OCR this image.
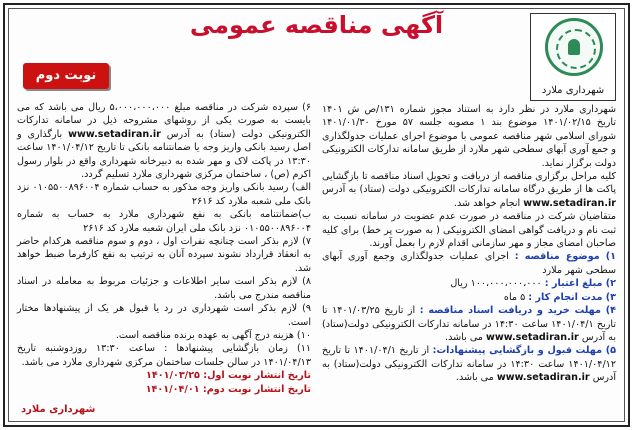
آگهی مناقصه عمومی
شهرداری ملارد
نوبت دوم

شهرداری ملارد در نظر دارد به استناد مجوز شماره ۱۳۱/ص ش ۱۴۰۱ تاریخ ۱۴۰۱/۰۲/۱۵ موضوع بند ۱ مصوبه جلسه ۵۷ مورخ ۱۴۰۱/۰۱/۳۰ شورای اسلامی شهر مناقصه عمومی با موضوع اجرای عملیات جدولگذاری و جمع آوری آبهای سطحی شهر ملارد از طریق سامانه تدارکات الکترونیکی دولت برگزار نماید.

کلیه مراحل برگزاری مناقصه از دریافت و تحویل اسناد مناقصه تا بازگشایی پاکت ها از طریق درگاه سامانه تدارکات الکترونیکی دولت (ستاد) به آدرس www.setadiran.ir انجام خواهد شد.

متقاضیان شرکت در مناقصه در صورت عدم عضویت در سامانه نسبت به ثبت نام و دریافت گواهی امضای الکترونیکی ( به صورت پر خط) برای کلیه صاحبان امضای مجاز و مهر سازمانی اقدام لازم را بعمل آورند.

۱) موضوع مناقصه : اجرای عملیات جدولگذاری وجمع آوری آبهای سطحی شهر ملارد

۲) مبلغ اعتبار : ۱۰۰،۰۰۰،۰۰۰،۰۰۰ ریال

۳) مدت انجام کار : ۵ ماه

۴) مهلت خرید و دریافت اسناد مناقصه : از تاریخ ۱۴۰۱/۰۳/۲۵ تا تاریخ ۱۴۰۱/۰۴/۱ ساعت ۱۴:۳۰ در سامانه تدارکات الکترونیکی دولت(ستاد) به آدرس www.setadiran.ir می باشد.

۵) مهلت قبول و بازگشایی پیشنهادات: از تاریخ ۱۴۰۱/۰۴/۱ تا تاریخ ۱۴۰۱/۰۴/۱۲ ساعت ۱۴:۳۰ در سامانه تدارکات الکترونیکی دولت(ستاد) به آدرس www.setadiran.ir می باشد.

۶) سپرده شرکت در مناقصه مبلغ ۵،۰۰۰،۰۰۰،۰۰۰ ریال می باشد که می بایست به صورت یکی از روشهای مشروحه ذیل در سامانه تدارکات الکترونیکی دولت (ستاد) به آدرس www.setadiran.ir بارگذاری و اصل رسید بانکی واریز وجه یا ضمانتنامه بانکی تا تاریخ ۱۴۰۱/۰۴/۱۲ ساعت ۱۳:۳۰ در پاکت لاک و مهر شده به دبیرخانه شهرداری واقع در بلوار رسول اکرم (ص) ، ساختمان مرکزی شهرداری ملارد تسلیم گردد.

الف) رسید بانکی واریز وجه مذکور به حساب شماره ۰۱۰۵۵۰۰۸۹۶۰۰۴ نزد بانک ملی شعبه ملارد کد ۲۶۱۶

ب)ضمانتنامه بانکی به نفع شهرداری ملارد به حساب به شماره ۰۱۰۵۵۰۰۸۹۶۰۰۴ نزد بانک ملی ایران شعبه ملارد کد ۲۶۱۶

۷) لازم بذکر است چنانچه نفرات اول ، دوم و سوم مناقصه هرکدام حاضر به انعقاد قرارداد نشوند سپرده آنان به ترتیب به نفع کارفرما ضبط خواهد شد.

۸) لازم بذکر است سایر اطلاعات و جزئیات مربوط به معامله در اسناد مناقصه مندرج می باشد.

۹) لازم بذکر است شهرداری در رد یا قبول هر یک از پیشنهادها مختار است.

۱۰) هزینه درج آگهی به عهده برنده مناقصه است.

۱۱) زمان بازگشایی پیشنهادها : ساعت ۱۳:۳۰ روزدوشنبه تاریخ ۱۴۰۱/۰۴/۱۳ در سالن جلسات ساختمان مرکزی شهرداری ملارد می باشد.

تاریخ انتشار نوبت اول: ۱۴۰۱/۰۳/۲۵

تاریخ انتشار نوبت دوم: ۱۴۰۱/۰۴/۰۱

شهرداری ملارد
